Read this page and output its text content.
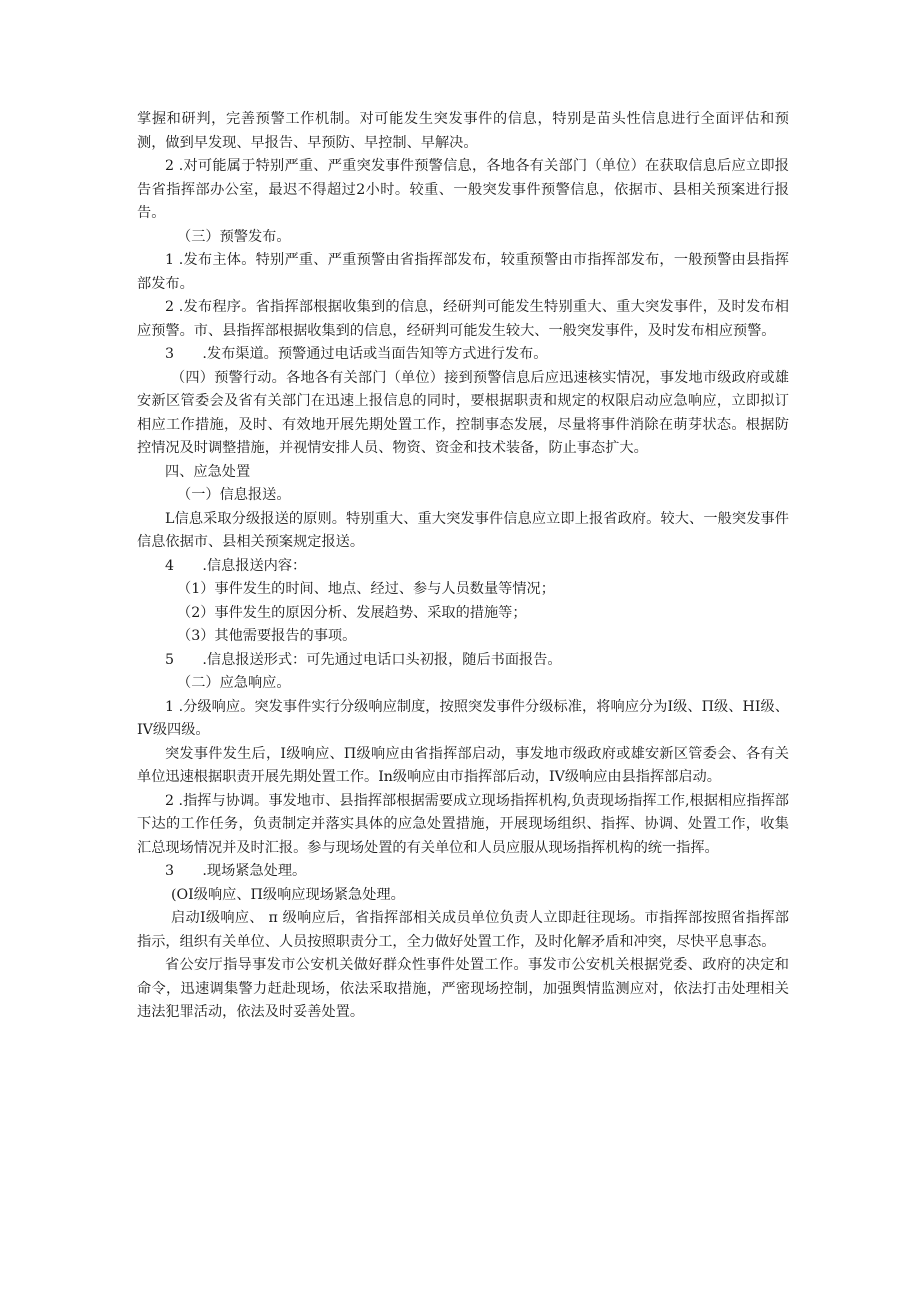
掌握和研判，完善预警工作机制。对可能发生突发事件的信息，特别是苗头性信息进行全面评估和预测，做到早发现、早报告、早预防、早控制、早解决。

2 .对可能属于特别严重、严重突发事件预警信息，各地各有关部门（单位）在获取信息后应立即报告省指挥部办公室，最迟不得超过2小时。较重、一般突发事件预警信息，依据市、县相关预案进行报告。

（三）预警发布。

1 .发布主体。特别严重、严重预警由省指挥部发布，较重预警由市指挥部发布，一般预警由县指挥部发布。

2 .发布程序。省指挥部根据收集到的信息，经研判可能发生特别重大、重大突发事件，及时发布相应预警。市、县指挥部根据收集到的信息，经研判可能发生较大、一般突发事件，及时发布相应预警。

3　　.发布渠道。预警通过电话或当面告知等方式进行发布。

（四）预警行动。各地各有关部门（单位）接到预警信息后应迅速核实情况，事发地市级政府或雄安新区管委会及省有关部门在迅速上报信息的同时，要根据职责和规定的权限启动应急响应，立即拟订相应工作措施，及时、有效地开展先期处置工作，控制事态发展，尽量将事件消除在萌芽状态。根据防控情况及时调整措施，并视情安排人员、物资、资金和技术装备，防止事态扩大。

四、应急处置

（一）信息报送。

L信息采取分级报送的原则。特别重大、重大突发事件信息应立即上报省政府。较大、一般突发事件信息依据市、县相关预案规定报送。

4　　.信息报送内容：

（1）事件发生的时间、地点、经过、参与人员数量等情况；

（2）事件发生的原因分析、发展趋势、采取的措施等；

（3）其他需要报告的事项。

5　　.信息报送形式：可先通过电话口头初报，随后书面报告。

（二）应急响应。

1 .分级响应。突发事件实行分级响应制度，按照突发事件分级标准，将响应分为I级、П级、HI级、IV级四级。

突发事件发生后，I级响应、П级响应由省指挥部启动，事发地市级政府或雄安新区管委会、各有关单位迅速根据职责开展先期处置工作。In级响应由市指挥部后动，IV级响应由县指挥部启动。

2 .指挥与协调。事发地市、县指挥部根据需要成立现场指挥机构,负责现场指挥工作,根据相应指挥部下达的工作任务，负责制定并落实具体的应急处置措施，开展现场组织、指挥、协调、处置工作，收集汇总现场情况并及时汇报。参与现场处置的有关单位和人员应服从现场指挥机构的统一指挥。

3　　.现场紧急处理。

(OI级响应、П级响应现场紧急处理。

启动I级响应、 π 级响应后，省指挥部相关成员单位负责人立即赶往现场。市指挥部按照省指挥部指示，组织有关单位、人员按照职责分工，全力做好处置工作，及时化解矛盾和冲突，尽快平息事态。

省公安厅指导事发市公安机关做好群众性事件处置工作。事发市公安机关根据党委、政府的决定和命令，迅速调集警力赶赴现场，依法采取措施，严密现场控制，加强舆情监测应对，依法打击处理相关违法犯罪活动，依法及时妥善处置。
